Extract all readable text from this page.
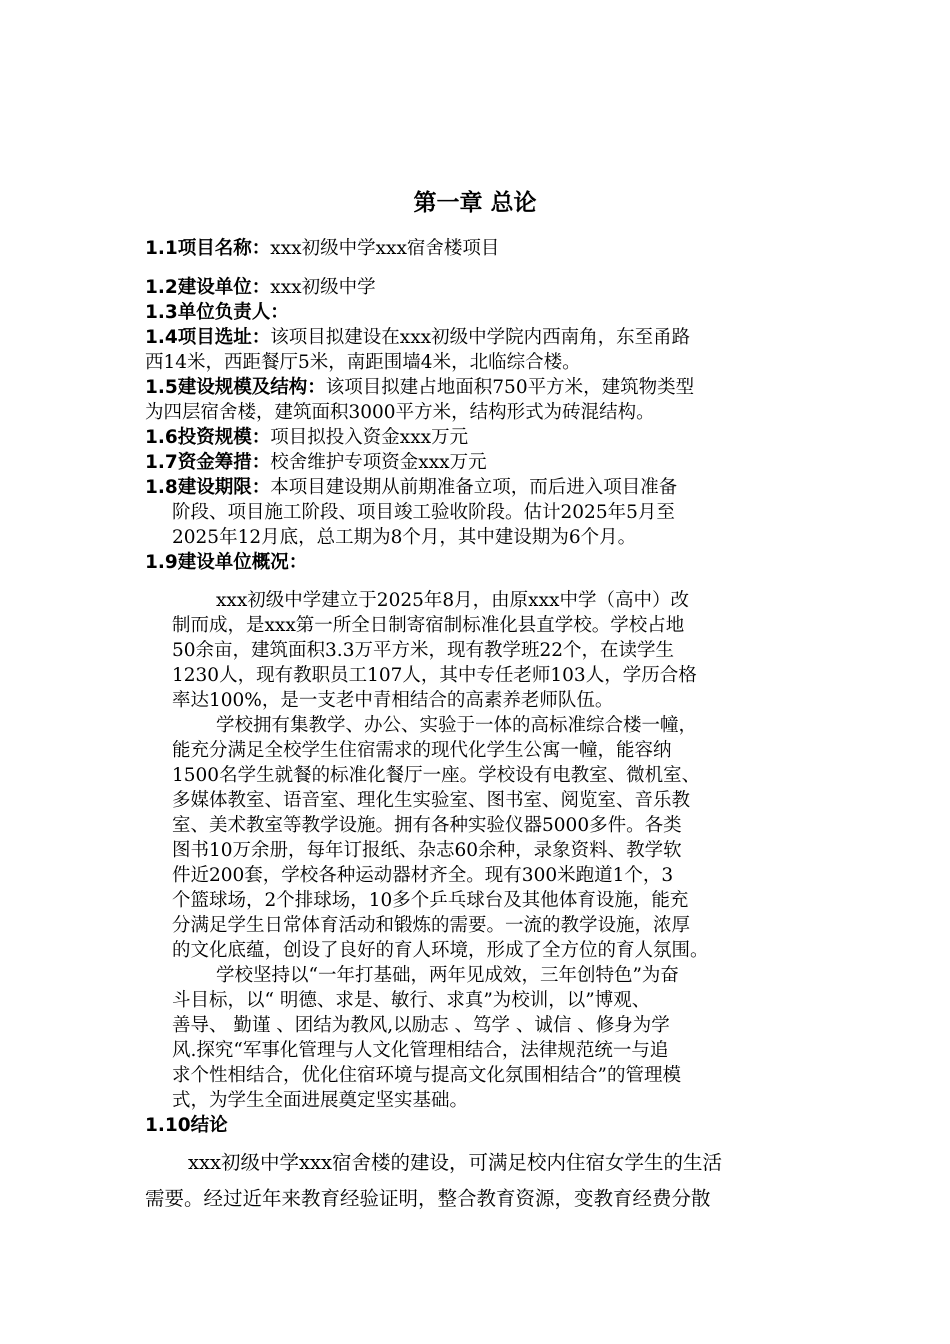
第一章 总论
1.1项目名称：xxx初级中学xxx宿舍楼项目
1.2建设单位：xxx初级中学
1.3单位负责人：
1.4项目选址：该项目拟建设在xxx初级中学院内西南角，东至甬路
西14米，西距餐厅5米，南距围墙4米，北临综合楼。
1.5建设规模及结构：该项目拟建占地面积750平方米，建筑物类型
为四层宿舍楼，建筑面积3000平方米，结构形式为砖混结构。
1.6投资规模：项目拟投入资金xxx万元
1.7资金筹措：校舍维护专项资金xxx万元
1.8建设期限：本项目建设期从前期准备立项，而后进入项目准备
阶段、项目施工阶段、项目竣工验收阶段。估计2025年5月至
2025年12月底，总工期为8个月，其中建设期为6个月。
1.9建设单位概况：
xxx初级中学建立于2025年8月，由原xxx中学（高中）改
制而成，是xxx第一所全日制寄宿制标准化县直学校。学校占地
50余亩，建筑面积3.3万平方米，现有教学班22个，在读学生
1230人，现有教职员工107人，其中专任老师103人，学历合格
率达100%，是一支老中青相结合的高素养老师队伍。
学校拥有集教学、办公、实验于一体的高标准综合楼一幢，
能充分满足全校学生住宿需求的现代化学生公寓一幢，能容纳
1500名学生就餐的标准化餐厅一座。学校设有电教室、微机室、
多媒体教室、语音室、理化生实验室、图书室、阅览室、音乐教
室、美术教室等教学设施。拥有各种实验仪器5000多件。各类
图书10万余册，每年订报纸、杂志60余种，录象资料、教学软
件近200套，学校各种运动器材齐全。现有300米跑道1个，3
个篮球场，2个排球场，10多个乒乓球台及其他体育设施，能充
分满足学生日常体育活动和锻炼的需要。一流的教学设施，浓厚
的文化底蕴，创设了良好的育人环境，形成了全方位的育人氛围。
学校坚持以“一年打基础，两年见成效，三年创特色”为奋
斗目标，以“ 明德、求是、敏行、求真”为校训，以”博观、
善导、 勤谨 、团结为教风,以励志 、笃学 、诚信 、修身为学
风.探究“军事化管理与人文化管理相结合，法律规范统一与追
求个性相结合，优化住宿环境与提高文化氛围相结合”的管理模
式，为学生全面进展奠定坚实基础。
1.10结论
xxx初级中学xxx宿舍楼的建设，可满足校内住宿女学生的生活
需要。经过近年来教育经验证明，整合教育资源，变教育经费分散
